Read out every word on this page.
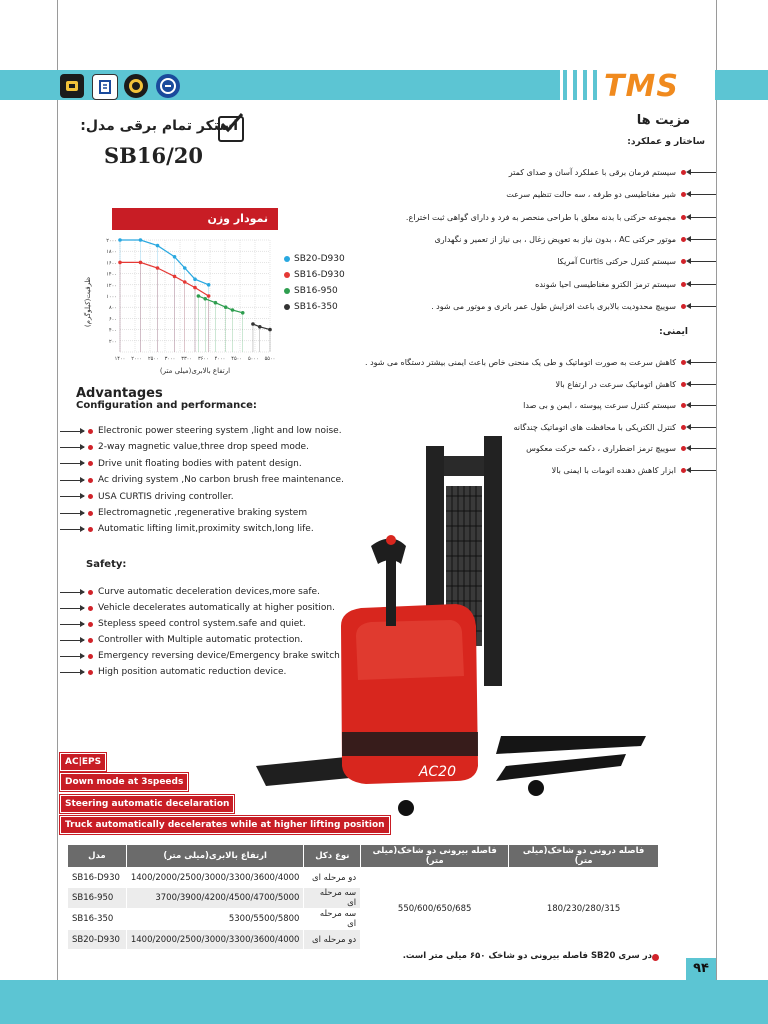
TMS
استکر تمام برقی مدل:
SB16/20
نمودار وزن
۲۰۰۰
۱۸۰۰
۱۶۰۰
۱۴۰۰
۱۲۰۰
۱۰۰۰
۸۰۰
۶۰۰
۴۰۰
۲۰۰
۱۴۰۰ ۲۰۰۰ ۲۵۰۰ ۳۰۰۰ ۳۳۰۰ ۳۶۰۰ ۴۰۰۰ ۴۵۰۰ ۵۰۰۰ ۵۵۰۰
ظرفیت(کیلوگرم)
ارتفاع بالابری(میلی متر)
SB20-D930
SB16-D930
SB16-950
SB16-350
Advantages
Configuration and performance:
Electronic power steering system ,light and low noise.
2-way magnetic value,three drop speed mode.
Drive unit floating bodies with patent design.
Ac driving system ,No carbon brush free maintenance.
USA CURTIS driving controller.
Electromagnetic ,regenerative braking system
Automatic lifting limit,proximity switch,long life.
Safety:
Curve automatic deceleration devices,more safe.
Vehicle decelerates automatically at higher position.
Stepless speed control system.safe and quiet.
Controller with Multiple automatic protection.
Emergency reversing device/Emergency brake switch
High position automatic reduction device.
مزیت ها
ساختار و عملکرد:
سیستم فرمان برقی با عملکرد آسان و صدای کمتر
شیر مغناطیسی دو طرفه ، سه حالت تنظیم سرعت
مجموعه حرکتی با بدنه معلق با طراحی منحصر به فرد و دارای گواهی ثبت اختراع.
موتور حرکتی AC ، بدون نیاز به تعویض زغال ، بی نیاز از تعمیر و نگهداری
سیستم کنترل حرکتی Curtis آمریکا
سیستم ترمز الکترو مغناطیسی احیا شونده
سوییچ محدودیت بالابری باعث افزایش طول عمر باتری و موتور می شود .
ایمنی:
کاهش سرعت به صورت اتوماتیک و طی یک منحنی خاص باعث ایمنی بیشتر دستگاه می شود .
کاهش اتوماتیک سرعت در ارتفاع بالا
سیستم کنترل سرعت پیوسته ، ایمن و بی صدا
کنترل الکتریکی با محافظت های اتوماتیک چندگانه
سوییچ ترمز اضطراری ، دکمه حرکت معکوس
ابزار کاهش دهنده اتومات با ایمنی بالا
AC20
AC|EPS
Down mode at 3speeds
Steering automatic decelaration
Truck automatically decelerates while at higher lifting position
مدل	ارتفاع بالابری(میلی متر)	نوع دکل	فاصله بیرونی دو شاخک(میلی متر)	فاصله درونی دو شاخک(میلی متر)
SB16-D930	1400/2000/2500/3000/3300/3600/4000	دو مرحله ای	550/600/650/685	180/230/280/315
SB16-950	3700/3900/4200/4500/4700/5000	سه مرحله ای		
SB16-350	5300/5500/5800	سه مرحله ای		
SB20-D930	1400/2000/2500/3000/3300/3600/4000	دو مرحله ای		
در سری SB20 فاصله بیرونی دو شاخک ۶۵۰ میلی متر است.
۹۴
